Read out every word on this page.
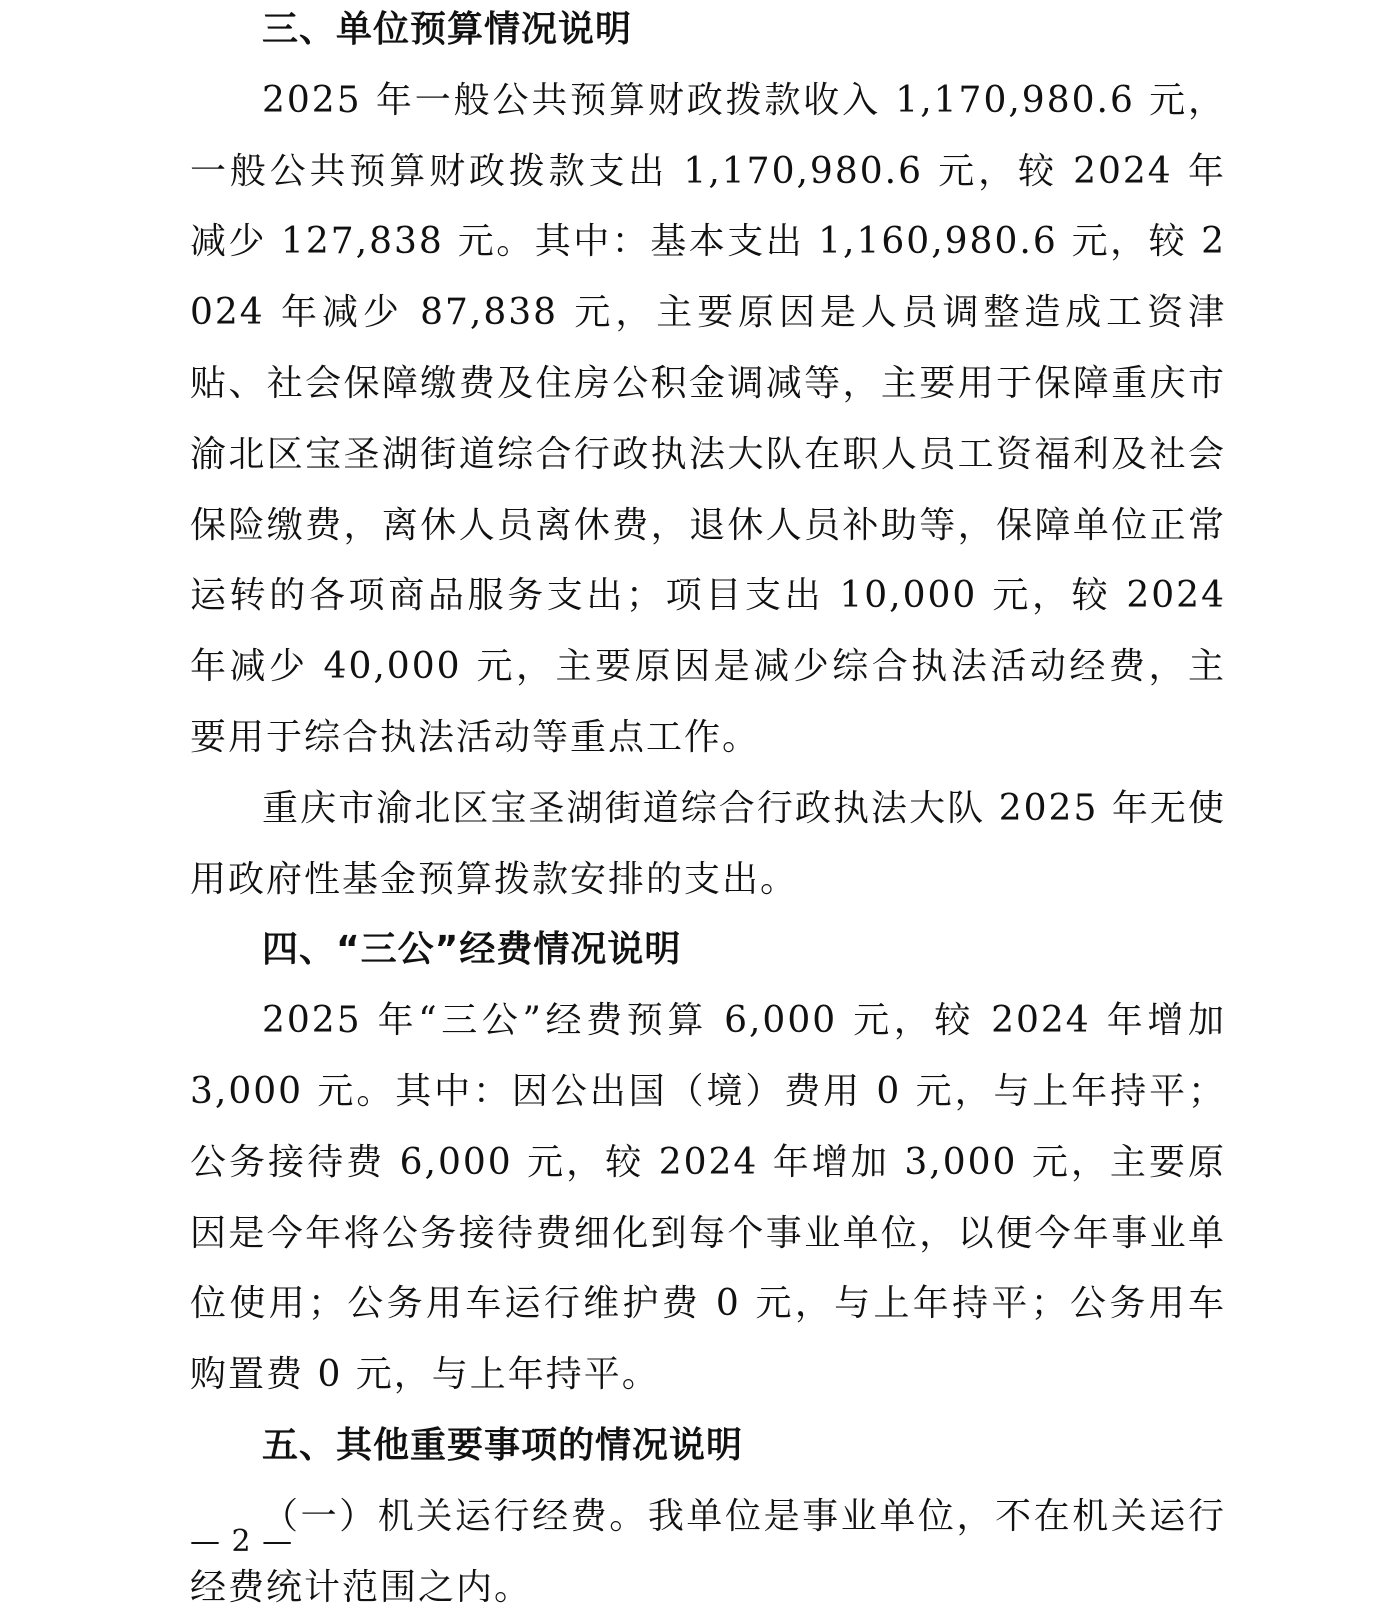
三、单位预算情况说明

2025 年一般公共预算财政拨款收入 1,170,980.6 元，一般公共预算财政拨款支出 1,170,980.6 元，较 2024 年减少 127,838 元。其中：基本支出 1,160,980.6 元，较 2024 年减少 87,838 元，主要原因是人员调整造成工资津贴、社会保障缴费及住房公积金调减等，主要用于保障重庆市渝北区宝圣湖街道综合行政执法大队在职人员工资福利及社会保险缴费，离休人员离休费，退休人员补助等，保障单位正常运转的各项商品服务支出；项目支出 10,000 元，较 2024 年减少 40,000 元，主要原因是减少综合执法活动经费，主要用于综合执法活动等重点工作。

重庆市渝北区宝圣湖街道综合行政执法大队 2025 年无使用政府性基金预算拨款安排的支出。

四、“三公”经费情况说明

2025 年“三公”经费预算 6,000 元，较 2024 年增加 3,000 元。其中：因公出国（境）费用 0 元，与上年持平；公务接待费 6,000 元，较 2024 年增加 3,000 元，主要原因是今年将公务接待费细化到每个事业单位，以便今年事业单位使用；公务用车运行维护费 0 元，与上年持平；公务用车购置费 0 元，与上年持平。

五、其他重要事项的情况说明

（一）机关运行经费。我单位是事业单位，不在机关运行经费统计范围之内。

— 2 —
